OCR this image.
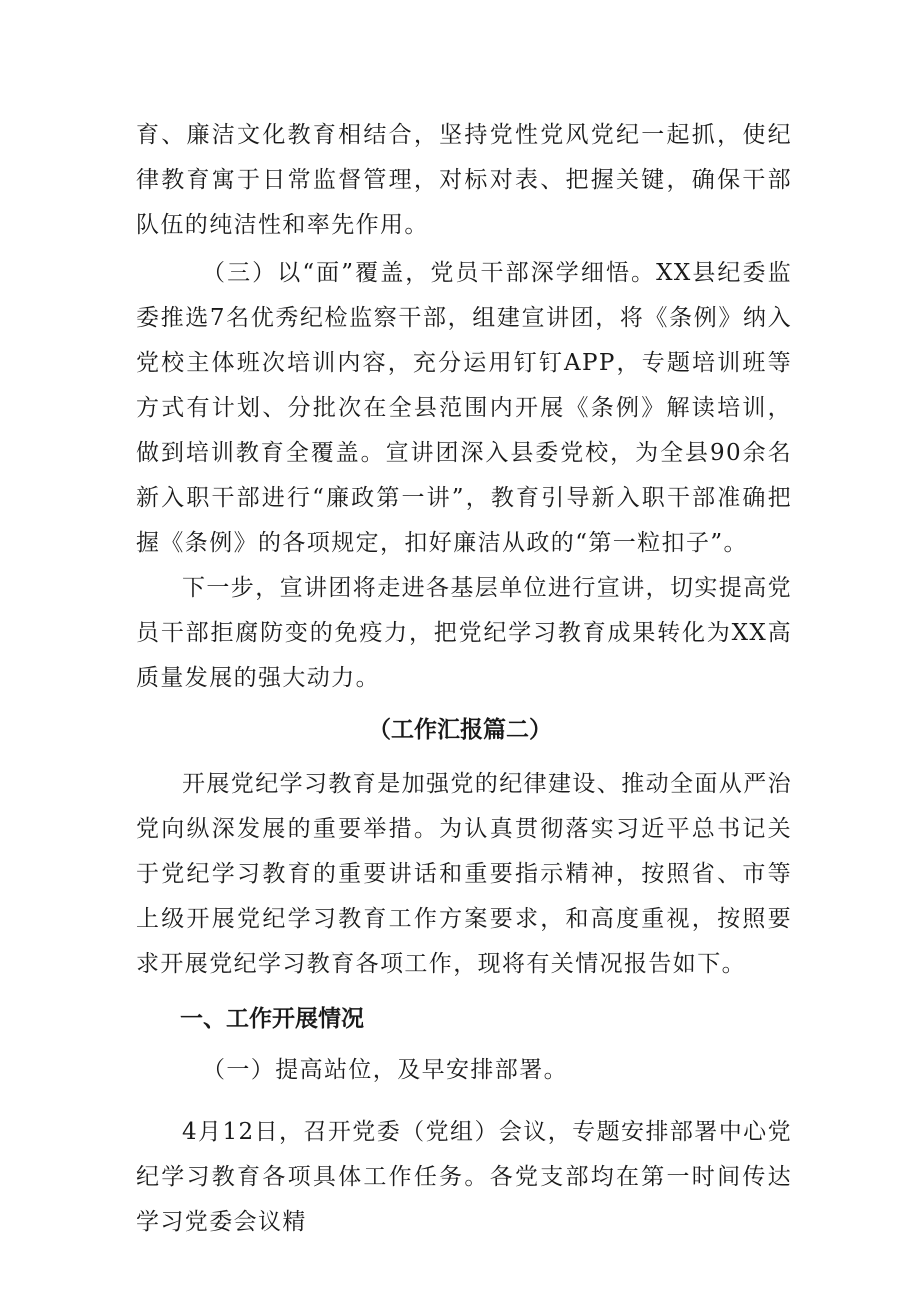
育、廉洁文化教育相结合，坚持党性党风党纪一起抓，使纪律教育寓于日常监督管理，对标对表、把握关键，确保干部队伍的纯洁性和率先作用。

（三）以“面”覆盖，党员干部深学细悟。XX县纪委监委推选7名优秀纪检监察干部，组建宣讲团，将《条例》纳入党校主体班次培训内容，充分运用钉钉APP，专题培训班等方式有计划、分批次在全县范围内开展《条例》解读培训，做到培训教育全覆盖。宣讲团深入县委党校，为全县90余名新入职干部进行“廉政第一讲”，教育引导新入职干部准确把握《条例》的各项规定，扣好廉洁从政的“第一粒扣子”。

下一步，宣讲团将走进各基层单位进行宣讲，切实提高党员干部拒腐防变的免疫力，把党纪学习教育成果转化为XX高质量发展的强大动力。

（工作汇报篇二）

开展党纪学习教育是加强党的纪律建设、推动全面从严治党向纵深发展的重要举措。为认真贯彻落实习近平总书记关于党纪学习教育的重要讲话和重要指示精神，按照省、市等上级开展党纪学习教育工作方案要求，和高度重视，按照要求开展党纪学习教育各项工作，现将有关情况报告如下。

一、工作开展情况

（一）提高站位，及早安排部署。

4月12日，召开党委（党组）会议，专题安排部署中心党纪学习教育各项具体工作任务。各党支部均在第一时间传达学习党委会议精
